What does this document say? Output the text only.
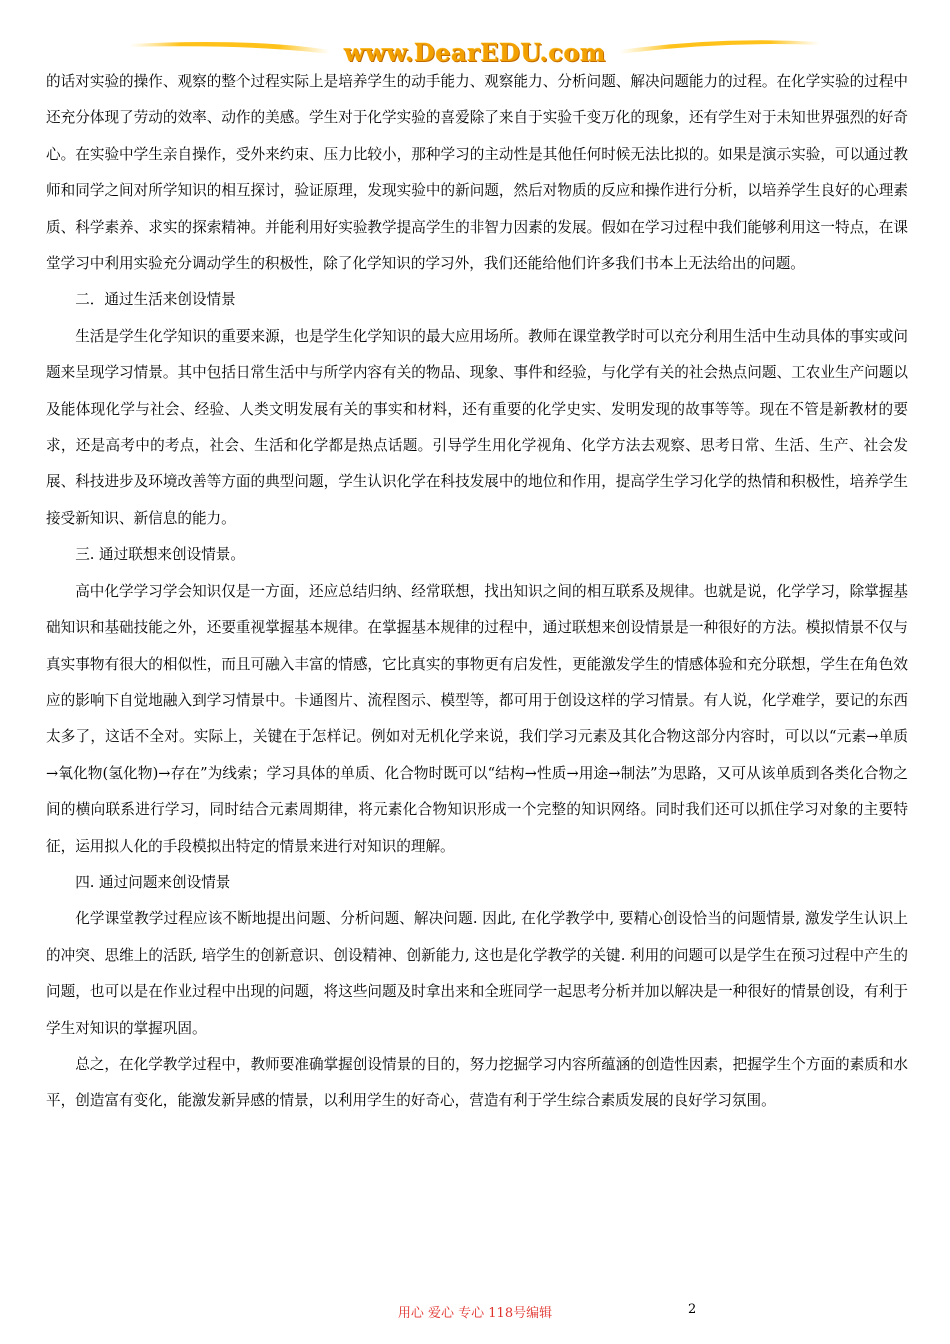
www.DearEDU.com

的话对实验的操作、观察的整个过程实际上是培养学生的动手能力、观察能力、分析问题、解决问题能力的过程。在化学实验的过程中还充分体现了劳动的效率、动作的美感。学生对于化学实验的喜爱除了来自于实验千变万化的现象，还有学生对于未知世界强烈的好奇心。在实验中学生亲自操作，受外来约束、压力比较小，那种学习的主动性是其他任何时候无法比拟的。如果是演示实验，可以通过教师和同学之间对所学知识的相互探讨，验证原理，发现实验中的新问题，然后对物质的反应和操作进行分析，以培养学生良好的心理素质、科学素养、求实的探索精神。并能利用好实验教学提高学生的非智力因素的发展。假如在学习过程中我们能够利用这一特点，在课堂学习中利用实验充分调动学生的积极性，除了化学知识的学习外，我们还能给他们许多我们书本上无法给出的问题。

二．通过生活来创设情景

生活是学生化学知识的重要来源，也是学生化学知识的最大应用场所。教师在课堂教学时可以充分利用生活中生动具体的事实或问题来呈现学习情景。其中包括日常生活中与所学内容有关的物品、现象、事件和经验，与化学有关的社会热点问题、工农业生产问题以及能体现化学与社会、经验、人类文明发展有关的事实和材料，还有重要的化学史实、发明发现的故事等等。现在不管是新教材的要求，还是高考中的考点，社会、生活和化学都是热点话题。引导学生用化学视角、化学方法去观察、思考日常、生活、生产、社会发展、科技进步及环境改善等方面的典型问题，学生认识化学在科技发展中的地位和作用，提高学生学习化学的热情和积极性，培养学生接受新知识、新信息的能力。

三. 通过联想来创设情景。

高中化学学习学会知识仅是一方面，还应总结归纳、经常联想，找出知识之间的相互联系及规律。也就是说，化学学习，除掌握基础知识和基础技能之外，还要重视掌握基本规律。在掌握基本规律的过程中，通过联想来创设情景是一种很好的方法。模拟情景不仅与真实事物有很大的相似性，而且可融入丰富的情感，它比真实的事物更有启发性，更能激发学生的情感体验和充分联想，学生在角色效应的影响下自觉地融入到学习情景中。卡通图片、流程图示、模型等，都可用于创设这样的学习情景。有人说，化学难学，要记的东西太多了，这话不全对。实际上，关键在于怎样记。例如对无机化学来说，我们学习元素及其化合物这部分内容时，可以以“元素→单质→氧化物(氢化物)→存在”为线索；学习具体的单质、化合物时既可以“结构→性质→用途→制法”为思路，又可从该单质到各类化合物之间的横向联系进行学习，同时结合元素周期律，将元素化合物知识形成一个完整的知识网络。同时我们还可以抓住学习对象的主要特征，运用拟人化的手段模拟出特定的情景来进行对知识的理解。

四. 通过问题来创设情景

化学课堂教学过程应该不断地提出问题、分析问题、解决问题. 因此, 在化学教学中, 要精心创设恰当的问题情景, 激发学生认识上的冲突、思维上的活跃, 培学生的创新意识、创设精神、创新能力, 这也是化学教学的关键. 利用的问题可以是学生在预习过程中产生的问题，也可以是在作业过程中出现的问题，将这些问题及时拿出来和全班同学一起思考分析并加以解决是一种很好的情景创设，有利于学生对知识的掌握巩固。

总之，在化学教学过程中，教师要准确掌握创设情景的目的，努力挖掘学习内容所蕴涵的创造性因素，把握学生个方面的素质和水平，创造富有变化，能激发新异感的情景，以利用学生的好奇心，营造有利于学生综合素质发展的良好学习氛围。

用心 爱心 专心 118号编辑	2
